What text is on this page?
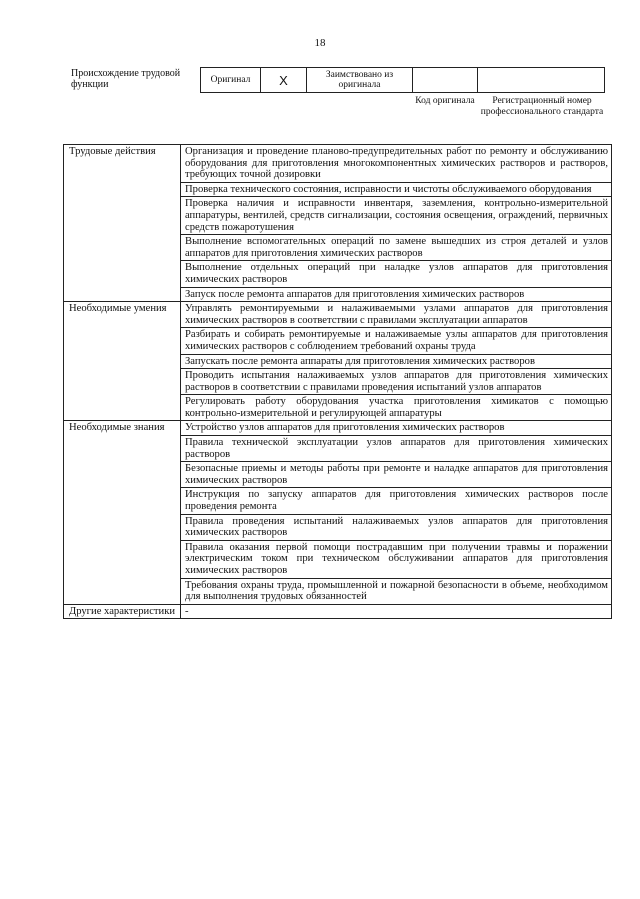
18
Происхождение трудовой функции	Оригинал	X	Заимствовано из оригинала
Код оригинала	Регистрационный номер профессионального стандарта
Трудовые действия	Организация и проведение планово-предупредительных работ по ремонту и обслуживанию оборудования для приготовления многокомпонентных химических растворов и растворов, требующих точной дозировки
	Проверка технического состояния, исправности и чистоты обслуживаемого оборудования
	Проверка наличия и исправности инвентаря, заземления, контрольно-измерительной аппаратуры, вентилей, средств сигнализации, состояния освещения, ограждений, первичных средств пожаротушения
	Выполнение вспомогательных операций по замене вышедших из строя деталей и узлов аппаратов для приготовления химических растворов
	Выполнение отдельных операций при наладке узлов аппаратов для приготовления химических растворов
	Запуск после ремонта аппаратов для приготовления химических растворов
Необходимые умения	Управлять ремонтируемыми и налаживаемыми узлами аппаратов для приготовления химических растворов в соответствии с правилами эксплуатации аппаратов
	Разбирать и собирать ремонтируемые и налаживаемые узлы аппаратов для приготовления химических растворов с соблюдением требований охраны труда
	Запускать после ремонта аппараты для приготовления химических растворов
	Проводить испытания налаживаемых узлов аппаратов для приготовления химических растворов в соответствии с правилами проведения испытаний узлов аппаратов
	Регулировать работу оборудования участка приготовления химикатов с помощью контрольно-измерительной и регулирующей аппаратуры
Необходимые знания	Устройство узлов аппаратов для приготовления химических растворов
	Правила технической эксплуатации узлов аппаратов для приготовления химических растворов
	Безопасные приемы и методы работы при ремонте и наладке аппаратов для приготовления химических растворов
	Инструкция по запуску аппаратов для приготовления химических растворов после проведения ремонта
	Правила проведения испытаний налаживаемых узлов аппаратов для приготовления химических растворов
	Правила оказания первой помощи пострадавшим при получении травмы и поражении электрическим током при техническом обслуживании аппаратов для приготовления химических растворов
	Требования охраны труда, промышленной и пожарной безопасности в объеме, необходимом для выполнения трудовых обязанностей
Другие характеристики	-
